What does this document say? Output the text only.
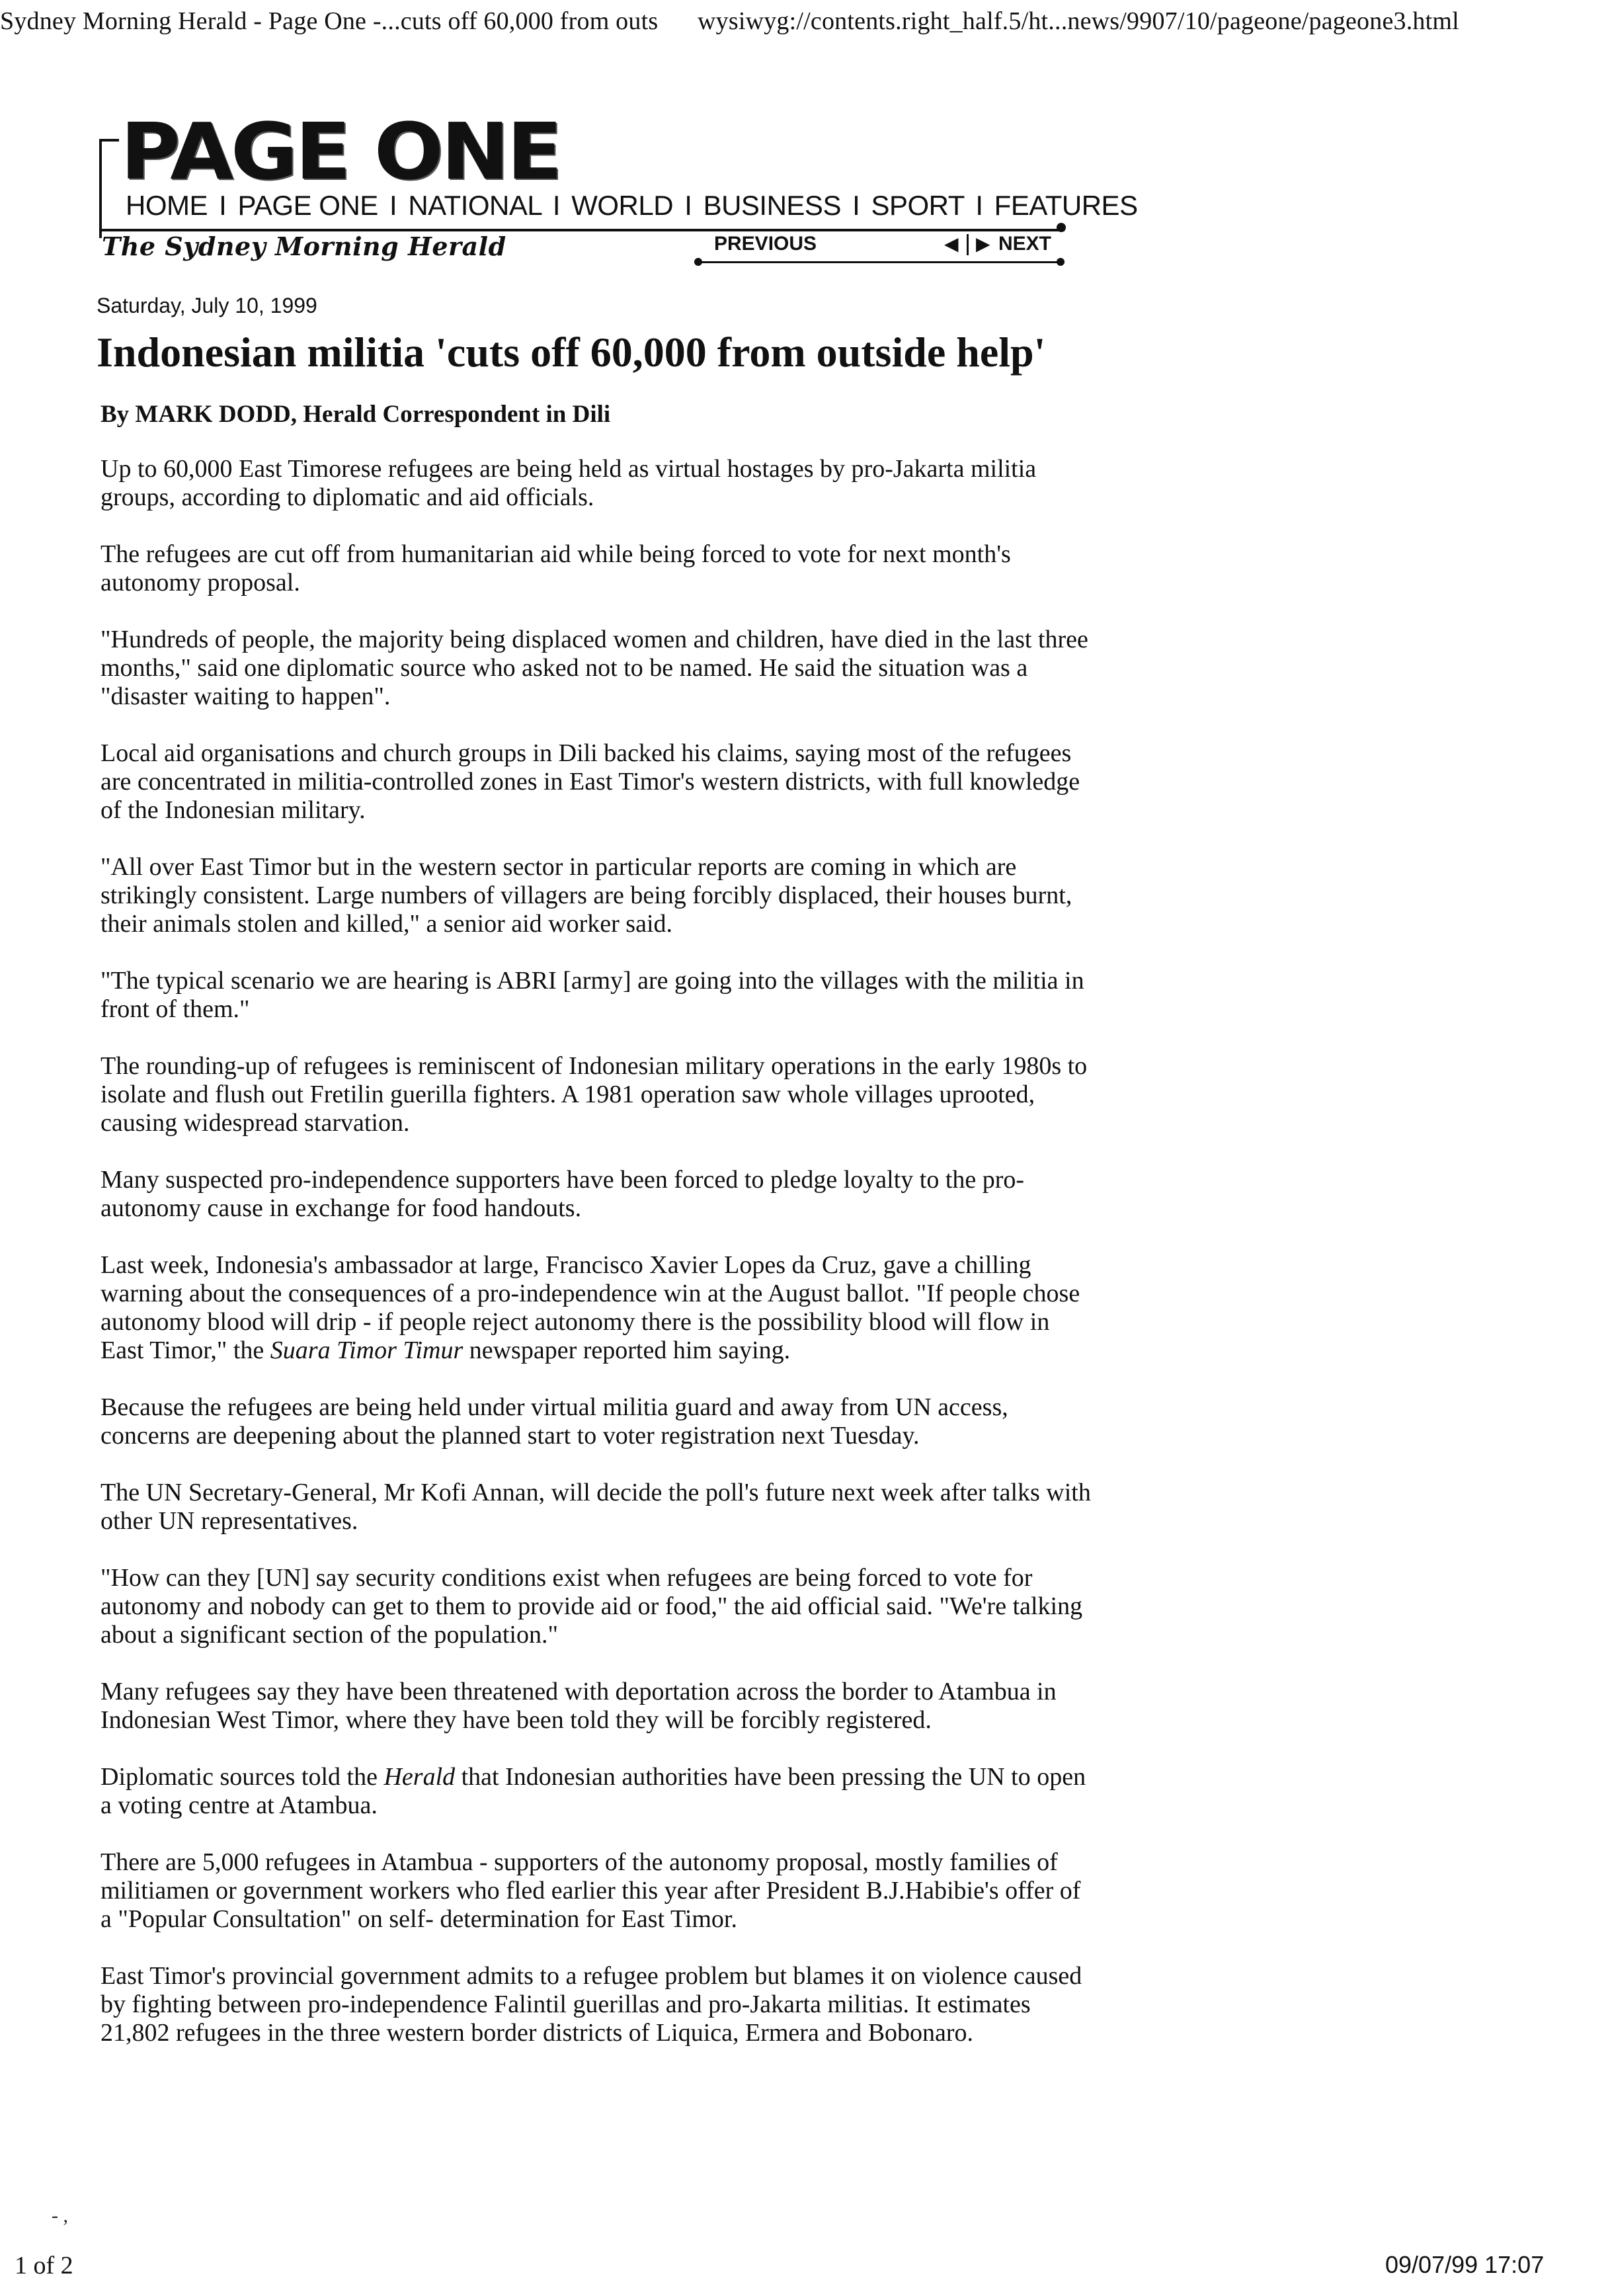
Sydney Morning Herald - Page One -...cuts off 60,000 from outs wysiwyg://contents.right_half.5/ht...news/9907/10/pageone/pageone3.html
PAGE ONE
HOME I PAGE ONE I NATIONAL I WORLD I BUSINESS I SPORT I FEATURES
The Sydney Morning Herald	PREVIOUS	◀ ▶ NEXT
Saturday, July 10, 1999
Indonesian militia 'cuts off 60,000 from outside help'
By MARK DODD, Herald Correspondent in Dili

Up to 60,000 East Timorese refugees are being held as virtual hostages by pro-Jakarta militia groups, according to diplomatic and aid officials.

The refugees are cut off from humanitarian aid while being forced to vote for next month's autonomy proposal.

"Hundreds of people, the majority being displaced women and children, have died in the last three months," said one diplomatic source who asked not to be named. He said the situation was a "disaster waiting to happen".

Local aid organisations and church groups in Dili backed his claims, saying most of the refugees are concentrated in militia-controlled zones in East Timor's western districts, with full knowledge of the Indonesian military.

"All over East Timor but in the western sector in particular reports are coming in which are strikingly consistent. Large numbers of villagers are being forcibly displaced, their houses burnt, their animals stolen and killed," a senior aid worker said.

"The typical scenario we are hearing is ABRI [army] are going into the villages with the militia in front of them."

The rounding-up of refugees is reminiscent of Indonesian military operations in the early 1980s to isolate and flush out Fretilin guerilla fighters. A 1981 operation saw whole villages uprooted, causing widespread starvation.

Many suspected pro-independence supporters have been forced to pledge loyalty to the pro-autonomy cause in exchange for food handouts.

Last week, Indonesia's ambassador at large, Francisco Xavier Lopes da Cruz, gave a chilling warning about the consequences of a pro-independence win at the August ballot. "If people chose autonomy blood will drip - if people reject autonomy there is the possibility blood will flow in East Timor," the Suara Timor Timur newspaper reported him saying.

Because the refugees are being held under virtual militia guard and away from UN access, concerns are deepening about the planned start to voter registration next Tuesday.

The UN Secretary-General, Mr Kofi Annan, will decide the poll's future next week after talks with other UN representatives.

"How can they [UN] say security conditions exist when refugees are being forced to vote for autonomy and nobody can get to them to provide aid or food," the aid official said. "We're talking about a significant section of the population."

Many refugees say they have been threatened with deportation across the border to Atambua in Indonesian West Timor, where they have been told they will be forcibly registered.

Diplomatic sources told the Herald that Indonesian authorities have been pressing the UN to open a voting centre at Atambua.

There are 5,000 refugees in Atambua - supporters of the autonomy proposal, mostly families of militiamen or government workers who fled earlier this year after President B.J.Habibie's offer of a "Popular Consultation" on self- determination for East Timor.

East Timor's provincial government admits to a refugee problem but blames it on violence caused by fighting between pro-independence Falintil guerillas and pro-Jakarta militias. It estimates 21,802 refugees in the three western border districts of Liquica, Ermera and Bobonaro.

- ,
1 of 2	09/07/99 17:07
